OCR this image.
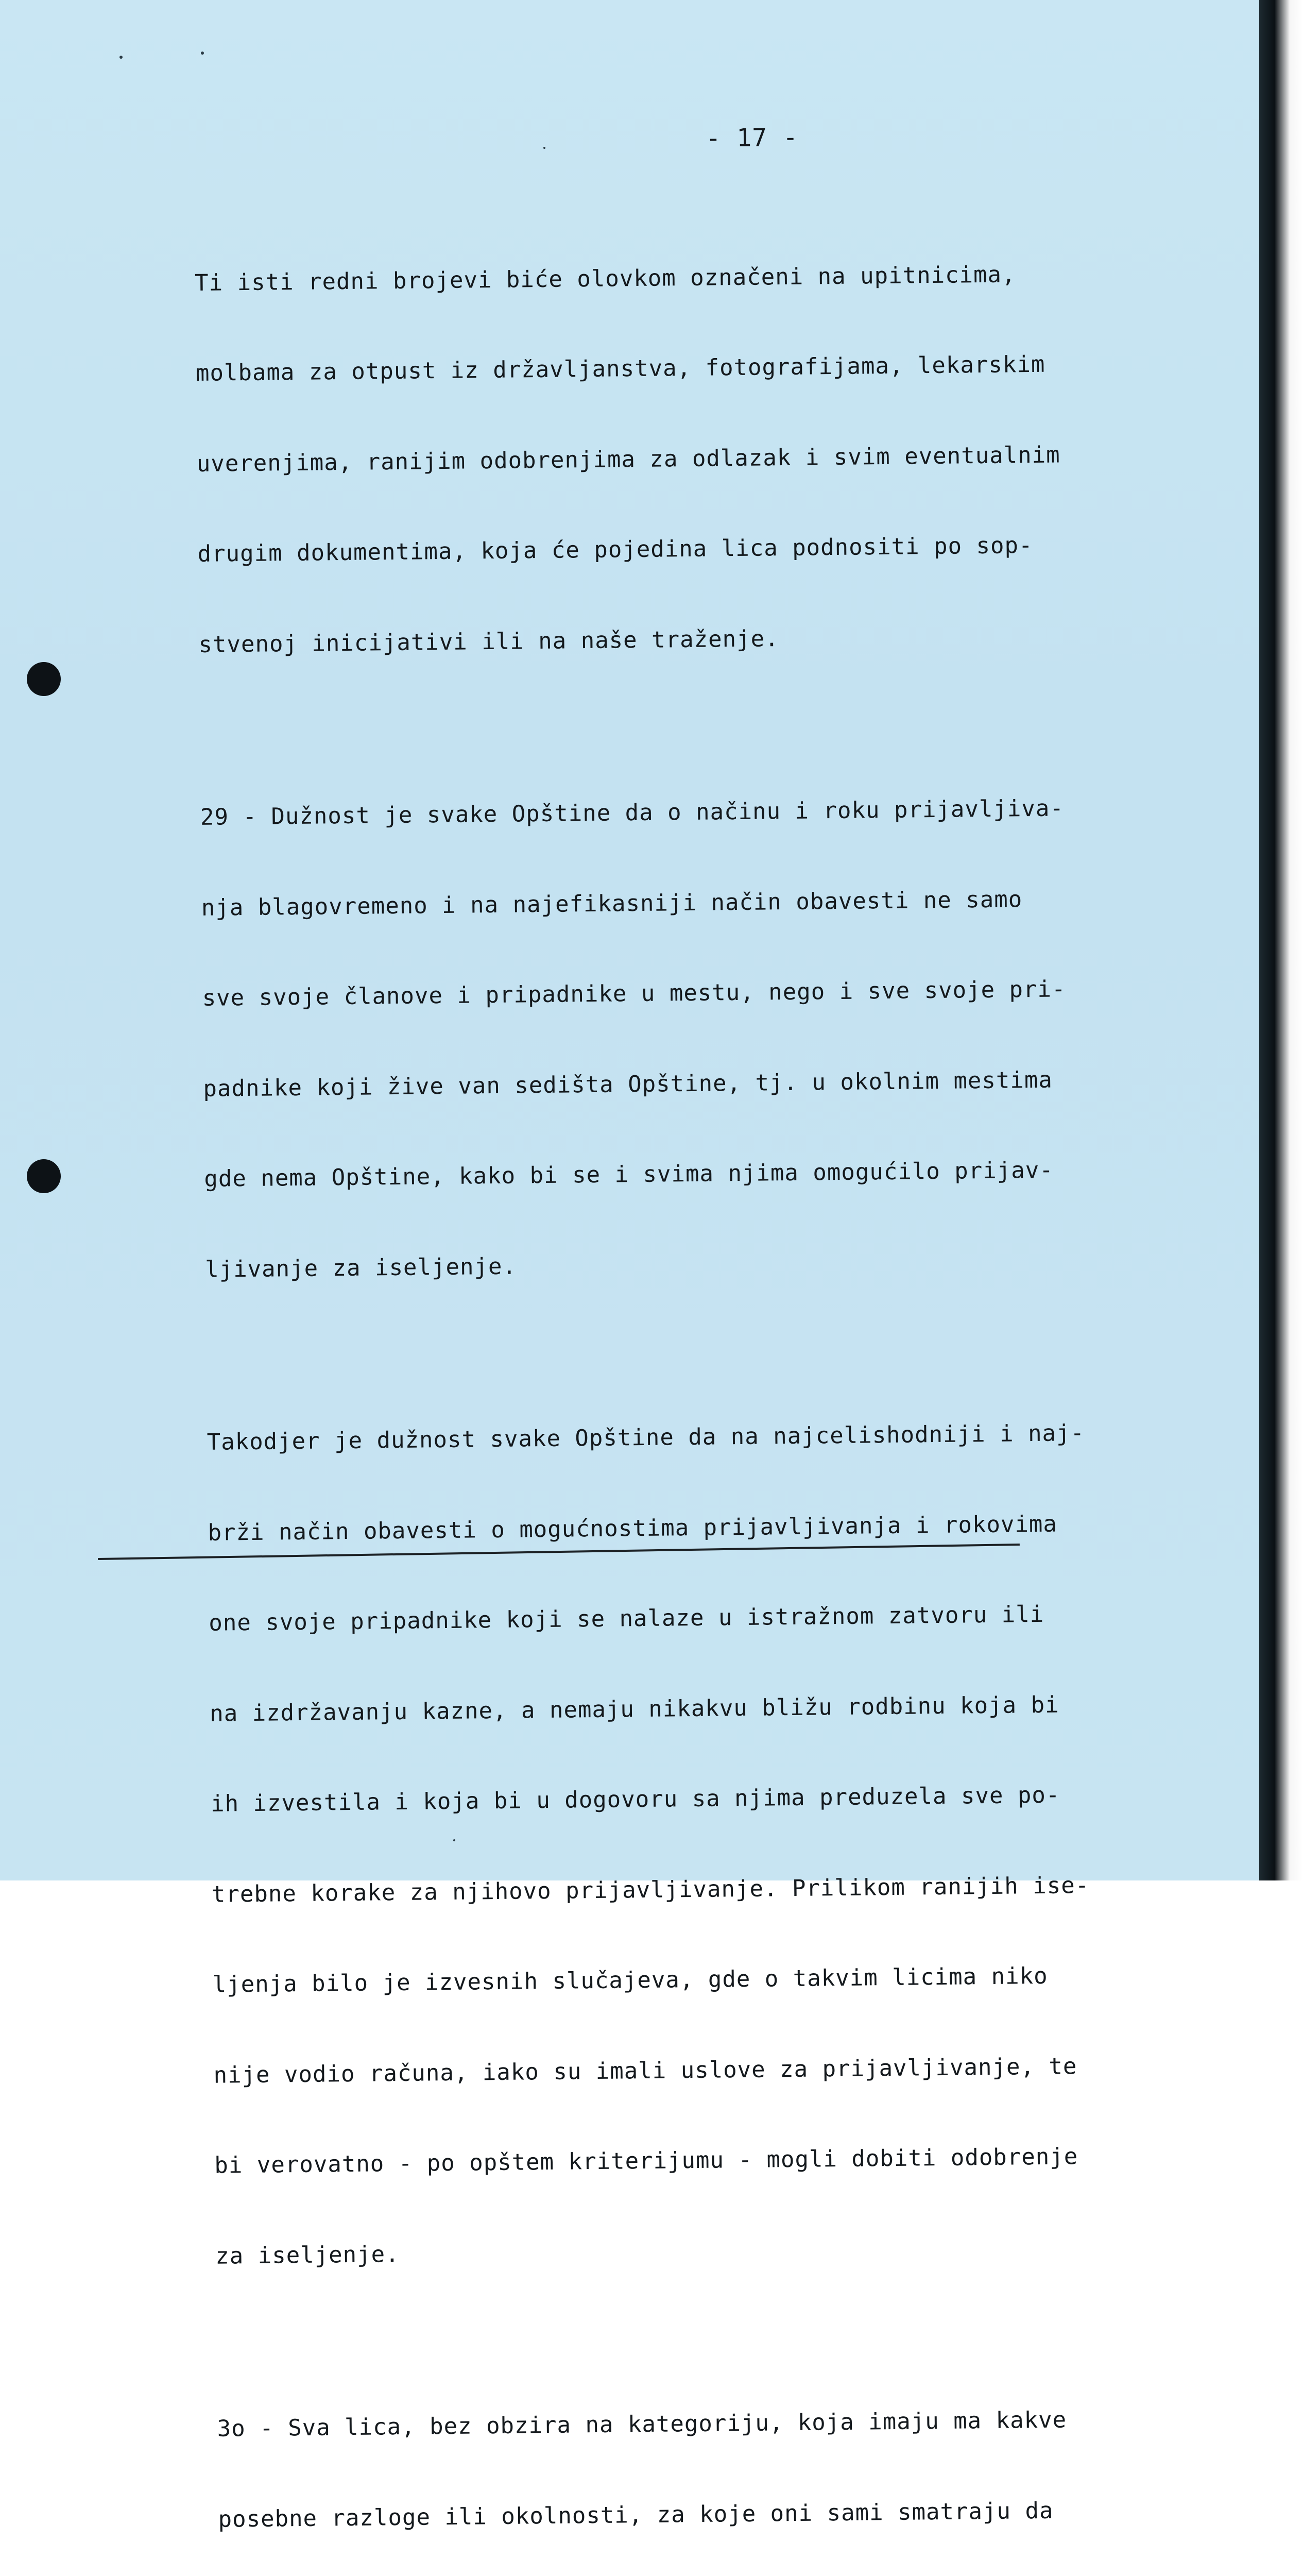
- 17 -

Ti isti redni brojevi biće olovkom označeni na upitnicima,

molbama za otpust iz državljanstva, fotografijama, lekarskim

uverenjima, ranijim odobrenjima za odlazak i svim eventualnim

drugim dokumentima, koja će pojedina lica podnositi po sop-

stvenoj inicijativi ili na naše traženje.

29 - Dužnost je svake Opštine da o načinu i roku prijavljiva-

nja blagovremeno i na najefikasniji način obavesti ne samo

sve svoje članove i pripadnike u mestu, nego i sve svoje pri-

padnike koji žive van sedišta Opštine, tj. u okolnim mestima

gde nema Opštine, kako bi se i svima njima omogućilo prijav-

ljivanje za iseljenje.

Takodjer je dužnost svake Opštine da na najcelishodniji i naj-

brži način obavesti o mogućnostima prijavljivanja i rokovima

one svoje pripadnike koji se nalaze u istražnom zatvoru ili

na izdržavanju kazne, a nemaju nikakvu bližu rodbinu koja bi

ih izvestila i koja bi u dogovoru sa njima preduzela sve po-

trebne korake za njihovo prijavljivanje. Prilikom ranijih ise-

ljenja bilo je izvesnih slučajeva, gde o takvim licima niko

nije vodio računa, iako su imali uslove za prijavljivanje, te

bi verovatno - po opštem kriterijumu - mogli dobiti odobrenje

za iseljenje.

3o - Sva lica, bez obzira na kategoriju, koja imaju ma kakve

posebne razloge ili okolnosti, za koje oni sami smatraju da
